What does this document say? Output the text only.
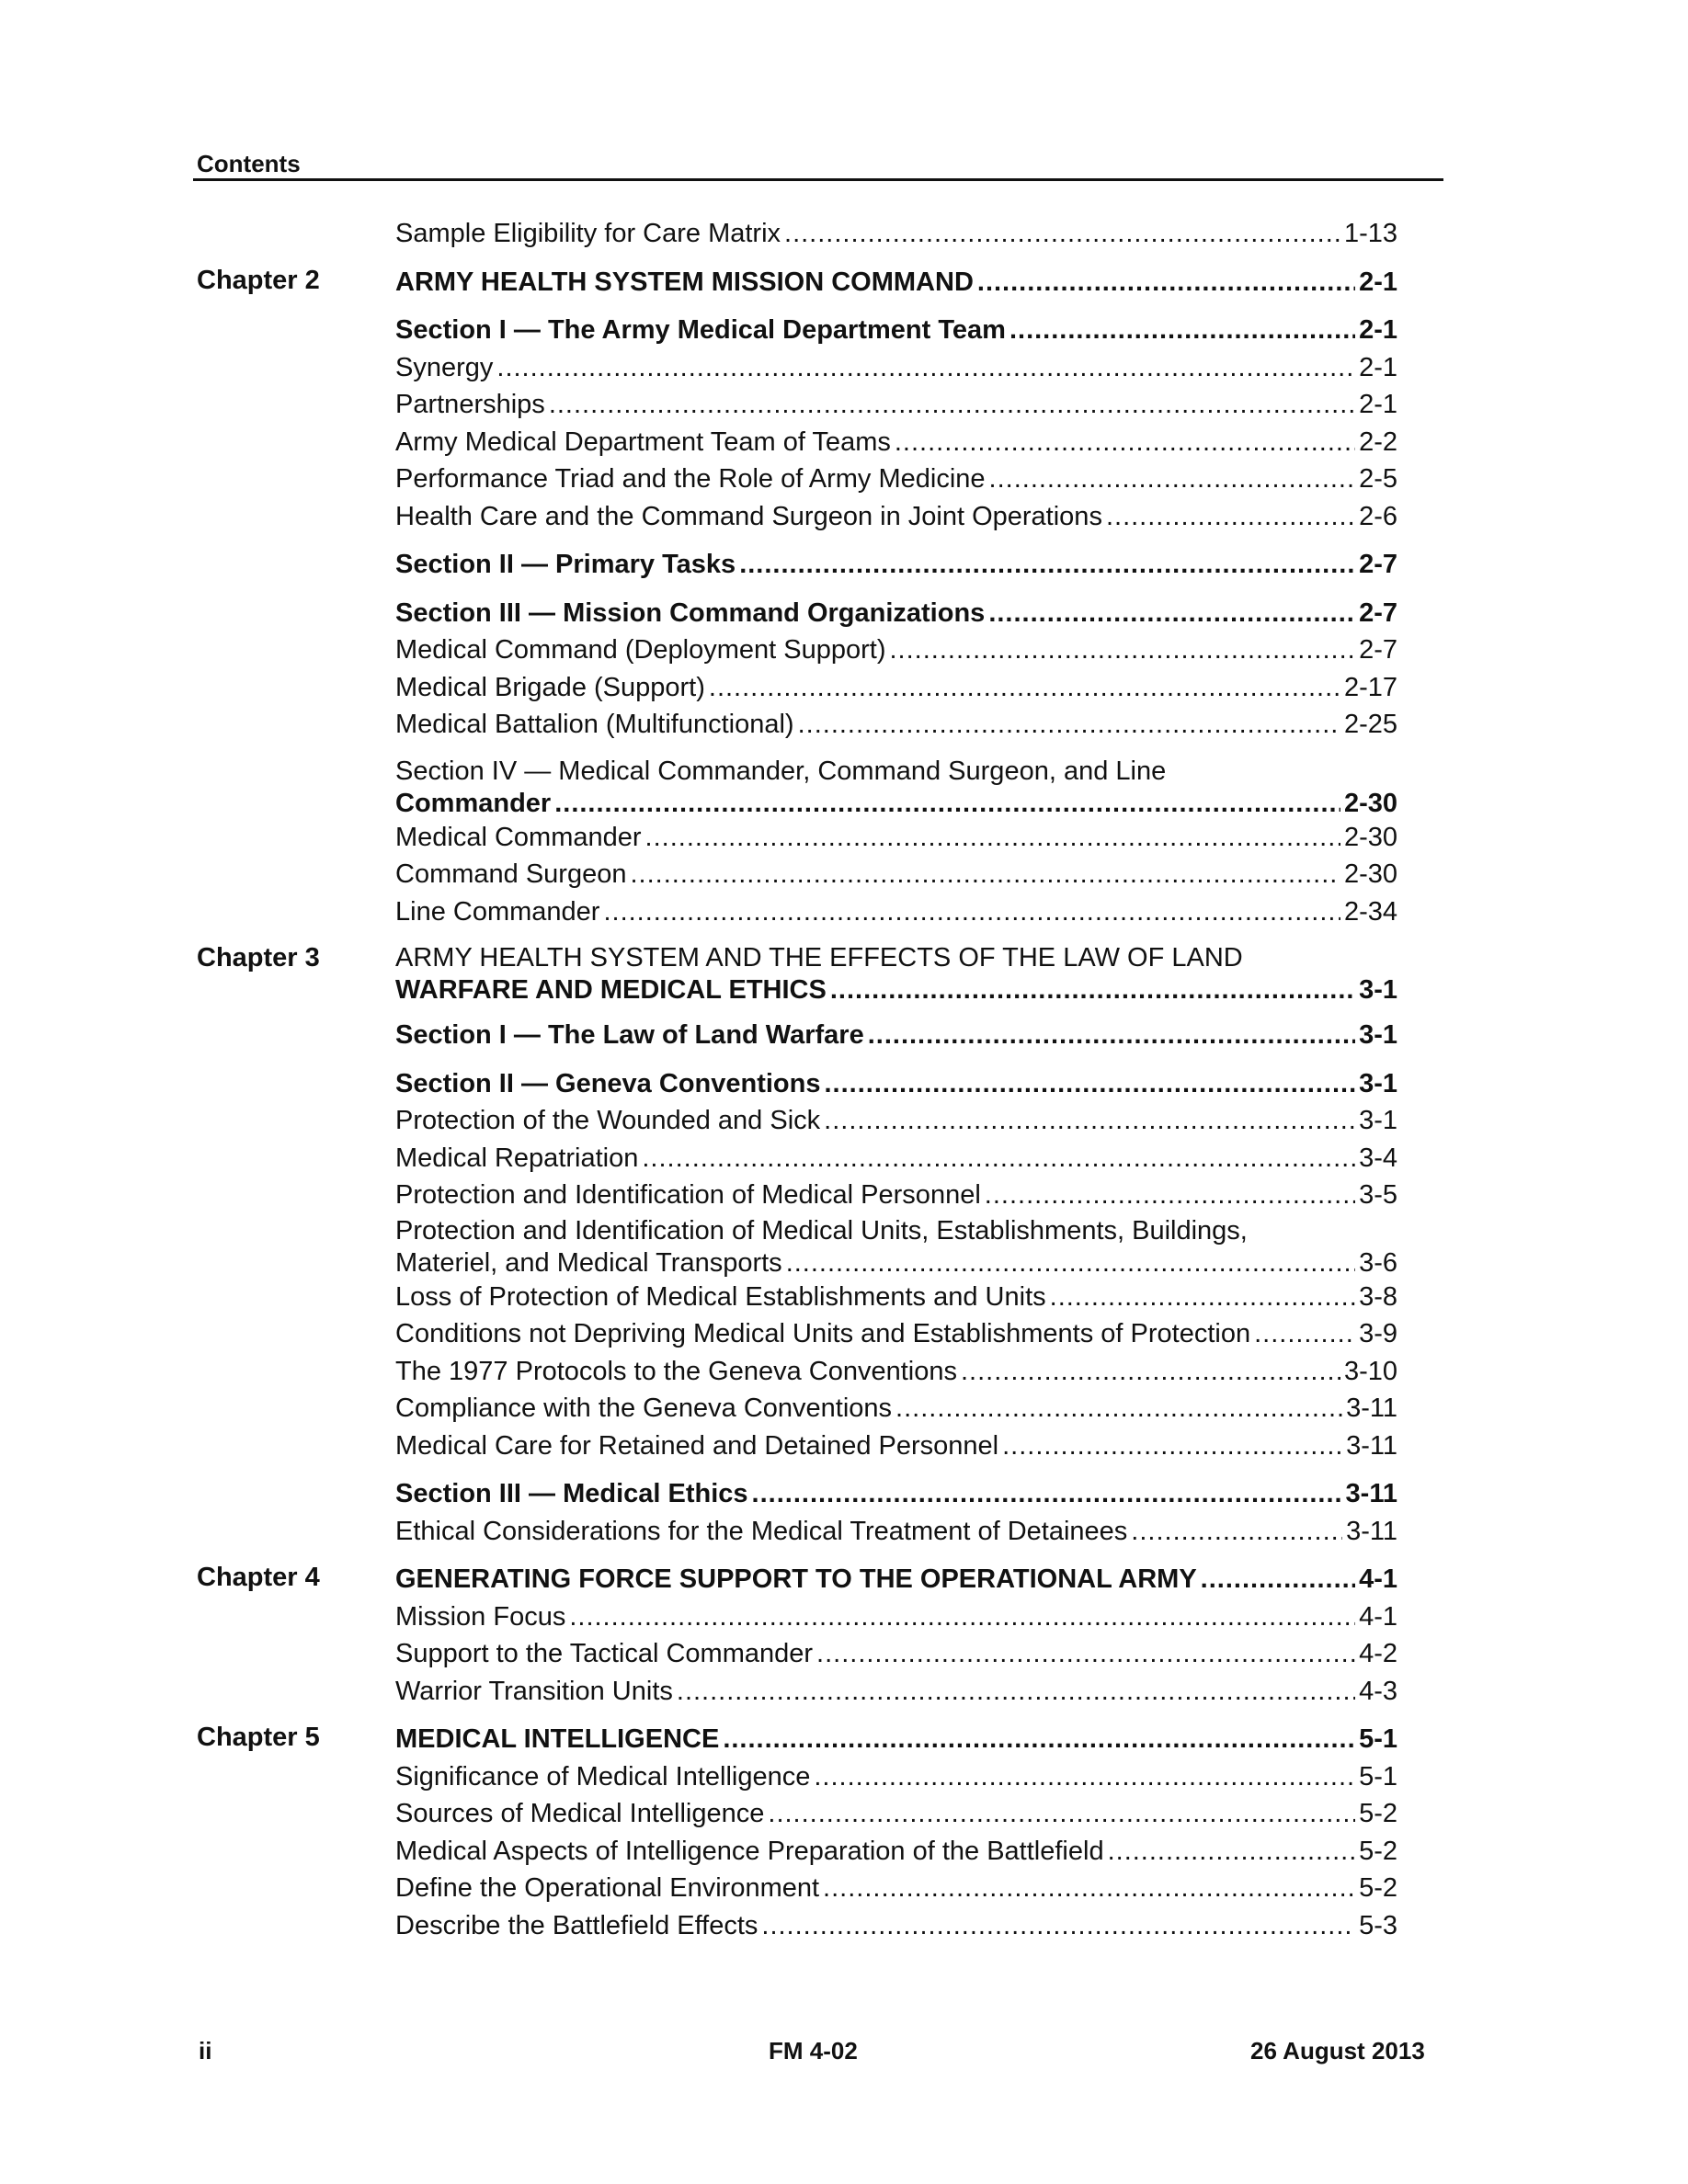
Contents
Sample Eligibility for Care Matrix .....	1-13
Chapter 2	ARMY HEALTH SYSTEM MISSION COMMAND .....	2-1
Section I — The Army Medical Department Team .....	2-1
Synergy .....	2-1
Partnerships .....	2-1
Army Medical Department Team of Teams .....	2-2
Performance Triad and the Role of Army Medicine .....	2-5
Health Care and the Command Surgeon in Joint Operations .....	2-6
Section II — Primary Tasks .....	2-7
Section III — Mission Command Organizations .....	2-7
Medical Command (Deployment Support) .....	2-7
Medical Brigade (Support) .....	2-17
Medical Battalion (Multifunctional) .....	2-25
Section IV — Medical Commander, Command Surgeon, and Line
Commander .....	2-30
Medical Commander .....	2-30
Command Surgeon .....	2-30
Line Commander .....	2-34
Chapter 3	ARMY HEALTH SYSTEM AND THE EFFECTS OF THE LAW OF LAND
WARFARE AND MEDICAL ETHICS .....	3-1
Section I — The Law of Land Warfare .....	3-1
Section II — Geneva Conventions .....	3-1
Protection of the Wounded and Sick .....	3-1
Medical Repatriation .....	3-4
Protection and Identification of Medical Personnel .....	3-5
Protection and Identification of Medical Units, Establishments, Buildings,
Materiel, and Medical Transports .....	3-6
Loss of Protection of Medical Establishments and Units .....	3-8
Conditions not Depriving Medical Units and Establishments of Protection .....	3-9
The 1977 Protocols to the Geneva Conventions .....	3-10
Compliance with the Geneva Conventions .....	3-11
Medical Care for Retained and Detained Personnel .....	3-11
Section III — Medical Ethics .....	3-11
Ethical Considerations for the Medical Treatment of Detainees .....	3-11
Chapter 4	GENERATING FORCE SUPPORT TO THE OPERATIONAL ARMY .....	4-1
Mission Focus .....	4-1
Support to the Tactical Commander .....	4-2
Warrior Transition Units .....	4-3
Chapter 5	MEDICAL INTELLIGENCE .....	5-1
Significance of Medical Intelligence .....	5-1
Sources of Medical Intelligence .....	5-2
Medical Aspects of Intelligence Preparation of the Battlefield .....	5-2
Define the Operational Environment .....	5-2
Describe the Battlefield Effects .....	5-3
ii	FM 4-02	26 August 2013
